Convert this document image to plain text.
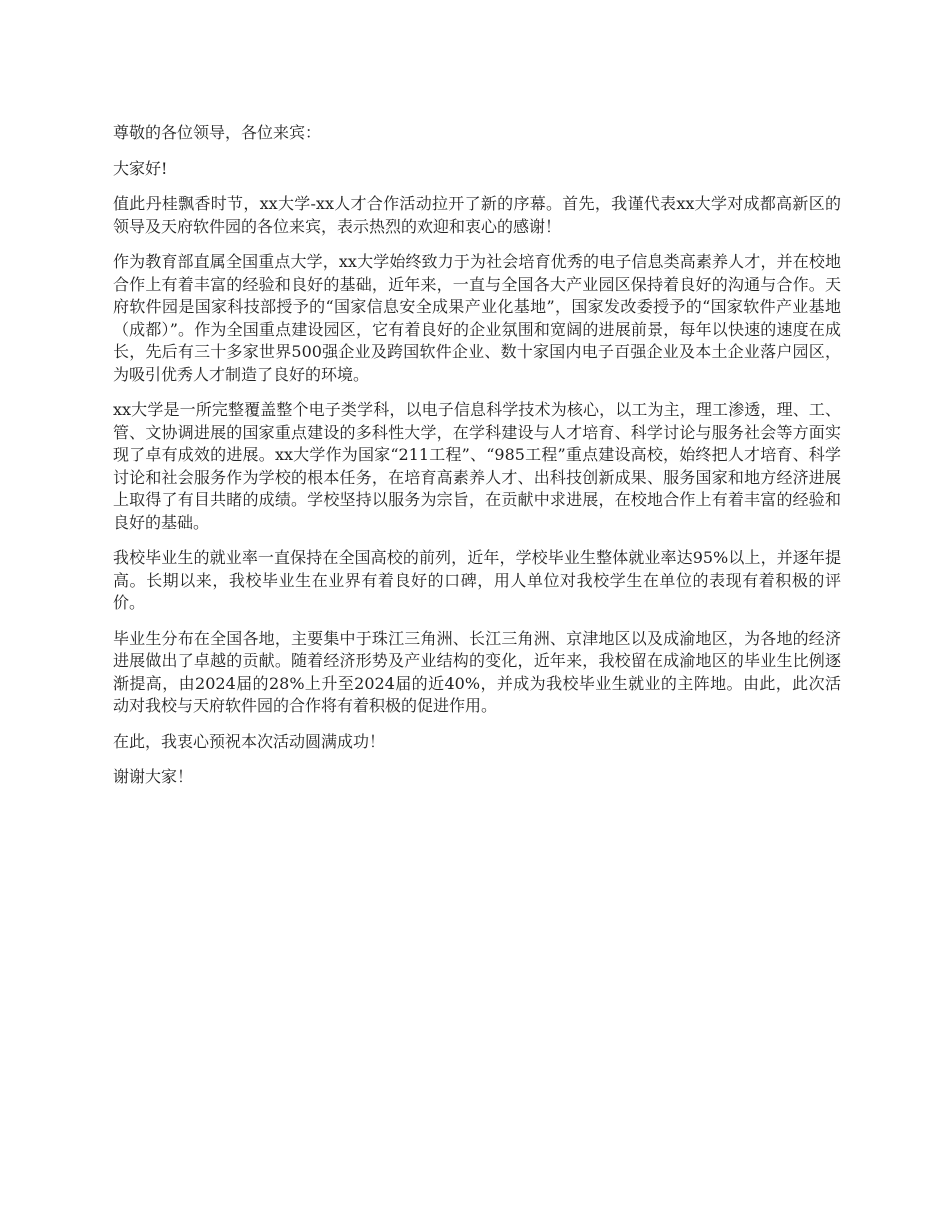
尊敬的各位领导，各位来宾：

大家好!

值此丹桂飘香时节，xx大学-xx人才合作活动拉开了新的序幕。首先，我谨代表xx大学对成都高新区的领导及天府软件园的各位来宾，表示热烈的欢迎和衷心的感谢！

作为教育部直属全国重点大学，xx大学始终致力于为社会培育优秀的电子信息类高素养人才，并在校地合作上有着丰富的经验和良好的基础，近年来，一直与全国各大产业园区保持着良好的沟通与合作。天府软件园是国家科技部授予的“国家信息安全成果产业化基地”，国家发改委授予的“国家软件产业基地（成都）”。作为全国重点建设园区，它有着良好的企业氛围和宽阔的进展前景，每年以快速的速度在成长，先后有三十多家世界500强企业及跨国软件企业、数十家国内电子百强企业及本土企业落户园区，为吸引优秀人才制造了良好的环境。

xx大学是一所完整覆盖整个电子类学科，以电子信息科学技术为核心，以工为主，理工渗透，理、工、管、文协调进展的国家重点建设的多科性大学，在学科建设与人才培育、科学讨论与服务社会等方面实现了卓有成效的进展。xx大学作为国家“211工程”、“985工程”重点建设高校，始终把人才培育、科学讨论和社会服务作为学校的根本任务，在培育高素养人才、出科技创新成果、服务国家和地方经济进展上取得了有目共睹的成绩。学校坚持以服务为宗旨，在贡献中求进展，在校地合作上有着丰富的经验和良好的基础。

我校毕业生的就业率一直保持在全国高校的前列，近年，学校毕业生整体就业率达95%以上，并逐年提高。长期以来，我校毕业生在业界有着良好的口碑，用人单位对我校学生在单位的表现有着积极的评价。

毕业生分布在全国各地，主要集中于珠江三角洲、长江三角洲、京津地区以及成渝地区，为各地的经济进展做出了卓越的贡献。随着经济形势及产业结构的变化，近年来，我校留在成渝地区的毕业生比例逐渐提高，由2024届的28%上升至2024届的近40%，并成为我校毕业生就业的主阵地。由此，此次活动对我校与天府软件园的合作将有着积极的促进作用。

在此，我衷心预祝本次活动圆满成功！

谢谢大家！
